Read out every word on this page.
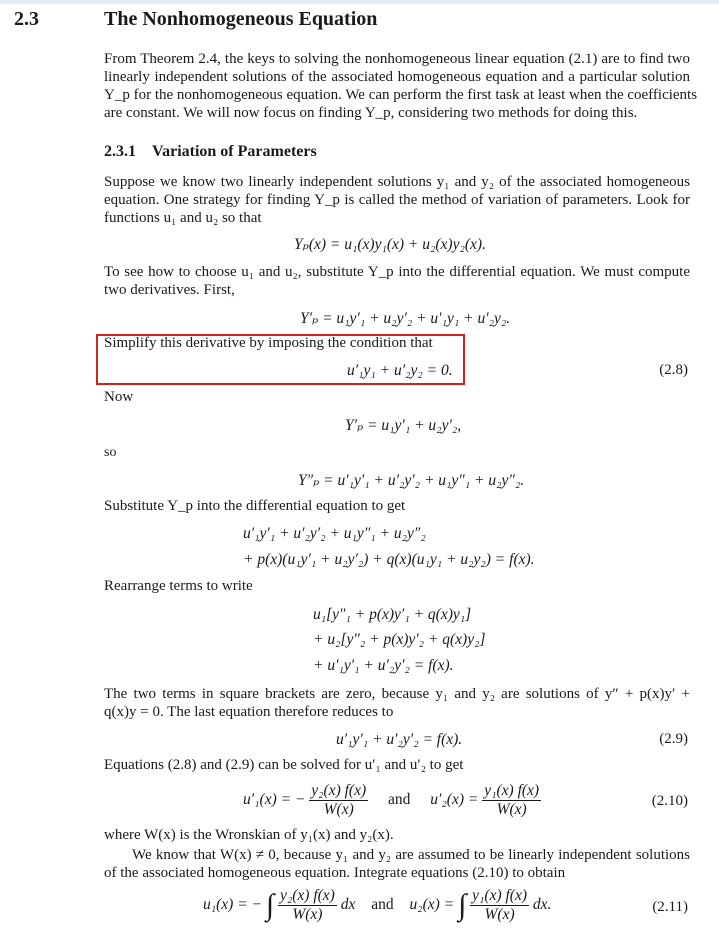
2.3	The Nonhomogeneous Equation
From Theorem 2.4, the keys to solving the nonhomogeneous linear equation (2.1) are to find two
linearly independent solutions of the associated homogeneous equation and a particular solution
Y_p for the nonhomogeneous equation. We can perform the first task at least when the coefficients
are constant. We will now focus on finding Y_p, considering two methods for doing this.
2.3.1 Variation of Parameters
Suppose we know two linearly independent solutions y₁ and y₂ of the associated homogeneous
equation. One strategy for finding Y_p is called the method of variation of parameters. Look for
functions u₁ and u₂ so that
Yₚ(x) = u₁(x)y₁(x) + u₂(x)y₂(x).
To see how to choose u₁ and u₂, substitute Y_p into the differential equation. We must compute
two derivatives. First,
Y′ₚ = u₁y′₁ + u₂y′₂ + u′₁y₁ + u′₂y₂.
Simplify this derivative by imposing the condition that
u′₁y₁ + u′₂y₂ = 0.	(2.8)
Now
Y′ₚ = u₁y′₁ + u₂y′₂,
so
Y″ₚ = u′₁y′₁ + u′₂y′₂ + u₁y″₁ + u₂y″₂.
Substitute Y_p into the differential equation to get
u′₁y′₁ + u′₂y′₂ + u₁y″₁ + u₂y″₂
+ p(x)(u₁y′₁ + u₂y′₂) + q(x)(u₁y₁ + u₂y₂) = f(x).
Rearrange terms to write
u₁[y″₁ + p(x)y′₁ + q(x)y₁]
+ u₂[y″₂ + p(x)y′₂ + q(x)y₂]
+ u′₁y′₁ + u′₂y′₂ = f(x).
The two terms in square brackets are zero, because y₁ and y₂ are solutions of y″ + p(x)y′ +
q(x)y = 0. The last equation therefore reduces to
u′₁y′₁ + u′₂y′₂ = f(x).	(2.9)
Equations (2.8) and (2.9) can be solved for u′₁ and u′₂ to get
u′₁(x) = − $\frac{\text{y₂(x) f(x)}}{W(x)}$ and $u'_2(x) = \frac{\text{y₁(x) f(x)}}{W(x)}$	(2.10)
where W(x) is the Wronskian of y₁(x) and y₂(x).
We know that W(x) ≠ 0, because y₁ and y₂ are assumed to be linearly independent solutions
of the associated homogeneous equation. Integrate equations (2.10) to obtain
u₁(x) = − ∫ $\frac{\text{y₂(x) f(x)}}{W(x)}$ dx and u₂(x) = ∫ $\frac{\text{y₁(x) f(x)}}{W(x)}$ dx.	(2.11)
